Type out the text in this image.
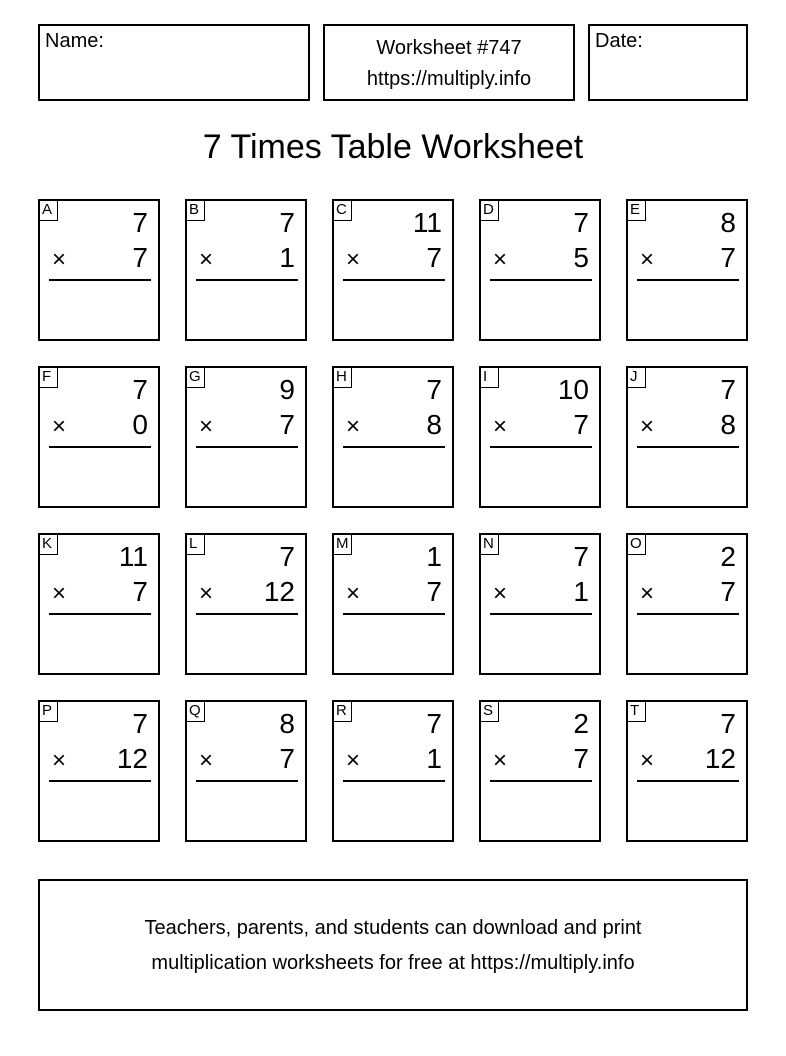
Name:	Worksheet #747
https://multiply.info
Date:
7 Times Table Worksheet
A	7
× 7
B	7
× 1
C 11
× 7
D	7
× 5
E	8
× 7
F	7
× 0
G	9
× 7
H	7
× 8
I	10
× 7
J	7
× 8
K 11
× 7
L	7
× 12
M	1
× 7
N	7
× 1
O	2
× 7
P	7
× 12
Q	8
× 7
R	7
× 1
S	2
× 7
T	7
× 12
Teachers, parents, and students can download and print
multiplication worksheets for free at https://multiply.info
